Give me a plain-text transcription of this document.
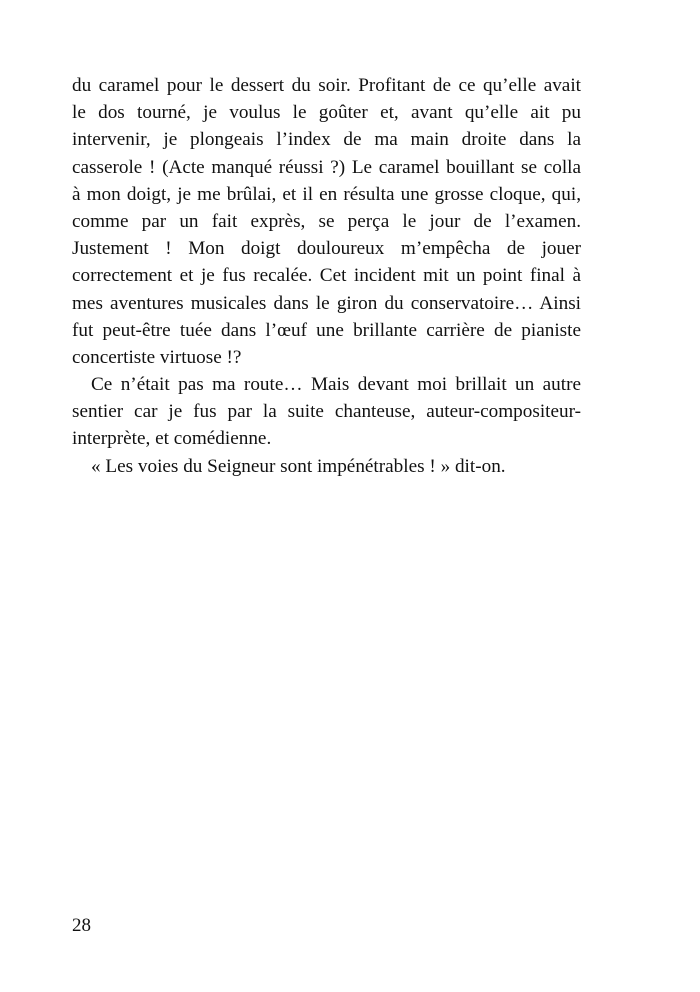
du caramel pour le dessert du soir. Profitant de ce qu’elle avait
le dos tourné, je voulus le goûter et, avant qu’elle ait pu
intervenir, je plongeais l’index de ma main droite dans la
casserole ! (Acte manqué réussi ?) Le caramel bouillant se colla
à mon doigt, je me brûlai, et il en résulta une grosse cloque, qui,
comme par un fait exprès, se perça le jour de l’examen.
Justement ! Mon doigt douloureux m’empêcha de jouer
correctement et je fus recalée. Cet incident mit un point final à
mes aventures musicales dans le giron du conservatoire… Ainsi
fut peut-être tuée dans l’œuf une brillante carrière de pianiste
concertiste virtuose !?
Ce n’était pas ma route… Mais devant moi brillait un autre
sentier car je fus par la suite chanteuse, auteur-compositeur-
interprète, et comédienne.
« Les voies du Seigneur sont impénétrables ! » dit-on.
28
